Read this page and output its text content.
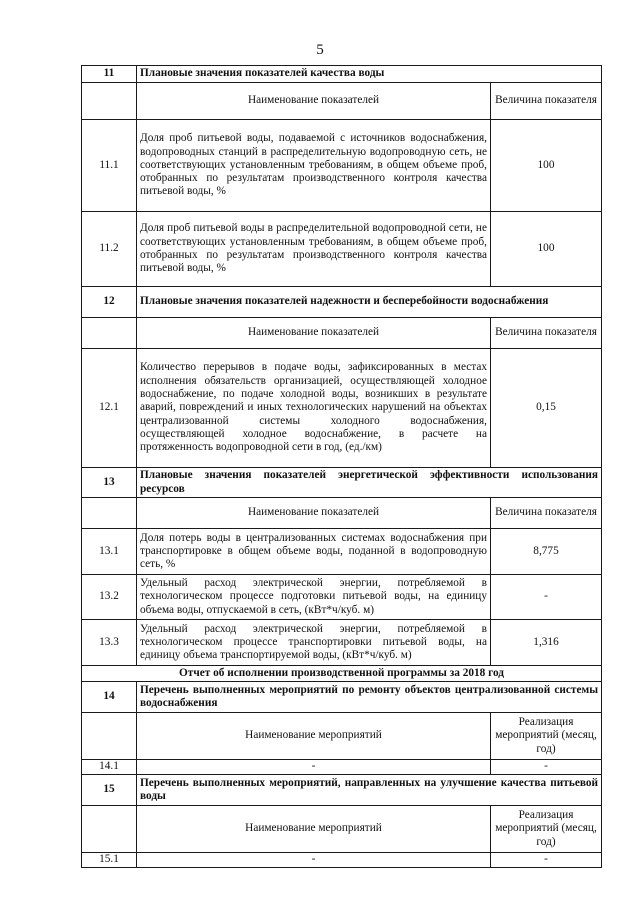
5
11	Плановые значения показателей качества воды	
	Наименование показателей	Величина показателя
11.1	Доля проб питьевой воды, подаваемой с источников водоснабжения, водопроводных станций в распределительную водопроводную сеть, не соответствующих установленным требованиям, в общем объеме проб, отобранных по результатам производственного контроля качества питьевой воды, %	100
11.2	Доля проб питьевой воды в распределительной водопроводной сети, не соответствующих установленным требованиям, в общем объеме проб, отобранных по результатам производственного контроля качества питьевой воды, %	100
12	Плановые значения показателей надежности и бесперебойности водоснабжения	
	Наименование показателей	Величина показателя
12.1	Количество перерывов в подаче воды, зафиксированных в местах исполнения обязательств организацией, осуществляющей холодное водоснабжение, по подаче холодной воды, возникших в результате аварий, повреждений и иных технологических нарушений на объектах централизованной системы холодного водоснабжения, осуществляющей холодное водоснабжение, в расчете на протяженность водопроводной сети в год, (ед./км)	0,15
13	Плановые значения показателей энергетической эффективности использования ресурсов	
	Наименование показателей	Величина показателя
13.1	Доля потерь воды в централизованных системах водоснабжения при транспортировке в общем объеме воды, поданной в водопроводную сеть, %	8,775
13.2	Удельный расход электрической энергии, потребляемой в технологическом процессе подготовки питьевой воды, на единицу объема воды, отпускаемой в сеть, (кВт*ч/куб. м)	-
13.3	Удельный расход электрической энергии, потребляемой в технологическом процессе транспортировки питьевой воды, на единицу объема транспортируемой воды, (кВт*ч/куб. м)	1,316
Отчет об исполнении производственной программы за 2018 год		
14	Перечень выполненных мероприятий по ремонту объектов централизованной системы водоснабжения	
	Наименование мероприятий	Реализация мероприятий (месяц, год)
14.1	-	-
15	Перечень выполненных мероприятий, направленных на улучшение качества питьевой воды	
	Наименование мероприятий	Реализация мероприятий (месяц, год)
15.1	-	-
